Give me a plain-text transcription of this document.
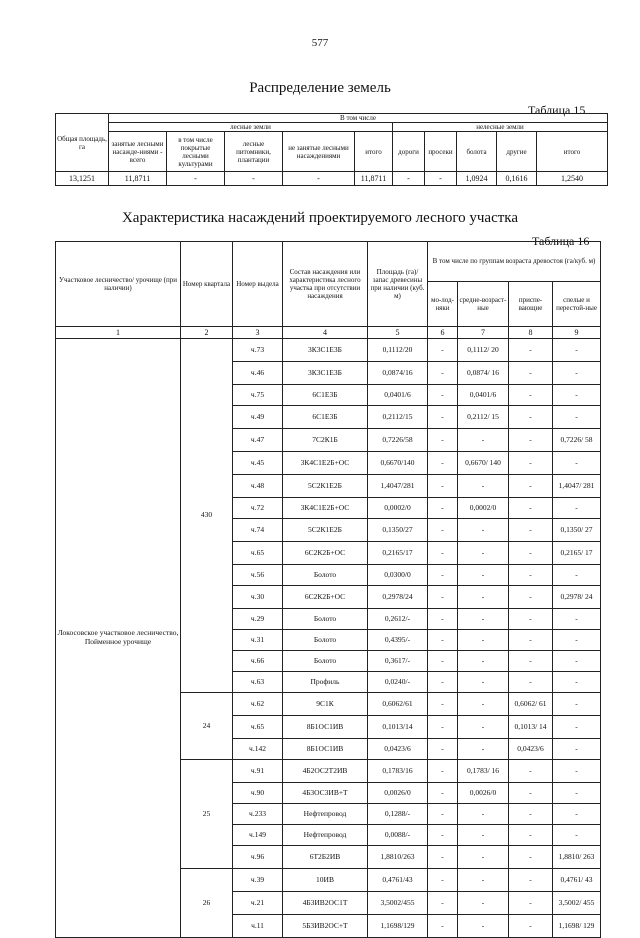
577
Распределение земель
Таблица 15
Общая площадь, га	В том числе									
	лесные земли					нелесные земли				
	занятые лесными насажде-ниями - всего	в том числе покрытые лесными культурами	лесные питомники, плантации	не занятые лесными насаждениями	итого	дороги	просеки	болота	другие	итого
13,1251	11,8711	-	-	-	11,8711	-	-	1,0924	0,1616	1,2540
Характеристика насаждений проектируемого лесного участка
Таблица 16
Участковое лесничество/ урочище (при наличии)	Номер квартала	Номер выдела	Состав насаждения или характеристика лесного участка при отсутствии насаждения	Площадь (га)/запас древесины при наличии (куб. м)	В том числе по группам возраста древостоя (га/куб. м)			
					мо-лод-няки	средне-возраст-ные	приспе-вающие	спелые и перестой-ные
1	2	3	4	5	6	7	8	9
Локосовское участковое лесничество, Пойменное урочище	430	ч.73	3К3С1Е3Б	0,1112/20	-	0,1112/ 20	-	-
		ч.46	3К3С1Е3Б	0,0874/16	-	0,0874/ 16	-	-
		ч.75	6С1Е3Б	0,0401/6	-	0,0401/6	-	-
		ч.49	6С1Е3Б	0,2112/15	-	0,2112/ 15	-	-
		ч.47	7С2К1Б	0,7226/58	-	-	-	0,7226/ 58
		ч.45	3К4С1Е2Б+ОС	0,6670/140	-	0,6670/ 140	-	-
		ч.48	5С2К1Е2Б	1,4047/281	-	-	-	1,4047/ 281
		ч.72	3К4С1Е2Б+ОС	0,0002/0	-	0,0002/0	-	-
		ч.74	5С2К1Е2Б	0,1350/27	-	-	-	0,1350/ 27
		ч.65	6С2К2Б+ОС	0,2165/17	-	-	-	0,2165/ 17
		ч.56	Болото	0,0300/0	-	-	-	-
		ч.30	6С2К2Б+ОС	0,2978/24	-	-	-	0,2978/ 24
		ч.29	Болото	0,2612/-	-	-	-	-
		ч.31	Болото	0,4395/-	-	-	-	-
		ч.66	Болото	0,3617/-	-	-	-	-
		ч.63	Профиль	0,0240/-	-	-	-	-
	24	ч.62	9С1К	0,6062/61	-	-	0,6062/ 61	-
		ч.65	8Б1ОС1ИВ	0,1013/14	-	-	0,1013/ 14	-
		ч.142	8Б1ОС1ИВ	0,0423/6	-	-	0,0423/6	-
	25	ч.91	4Б2ОС2Т2ИВ	0,1783/16	-	0,1783/ 16	-	-
		ч.90	4Б3ОС3ИВ+Т	0,0026/0	-	0,0026/0	-	-
		ч.233	Нефтепровод	0,1288/-	-	-	-	-
		ч.149	Нефтепровод	0,0088/-	-	-	-	-
		ч.96	6Т2Б2ИВ	1,8810/263	-	-	-	1,8810/ 263
	26	ч.39	10ИВ	0,4761/43	-	-	-	0,4761/ 43
		ч.21	4Б3ИВ2ОС1Т	3,5002/455	-	-	-	3,5002/ 455
		ч.11	5Б3ИВ2ОС+Т	1,1698/129	-	-	-	1,1698/ 129
